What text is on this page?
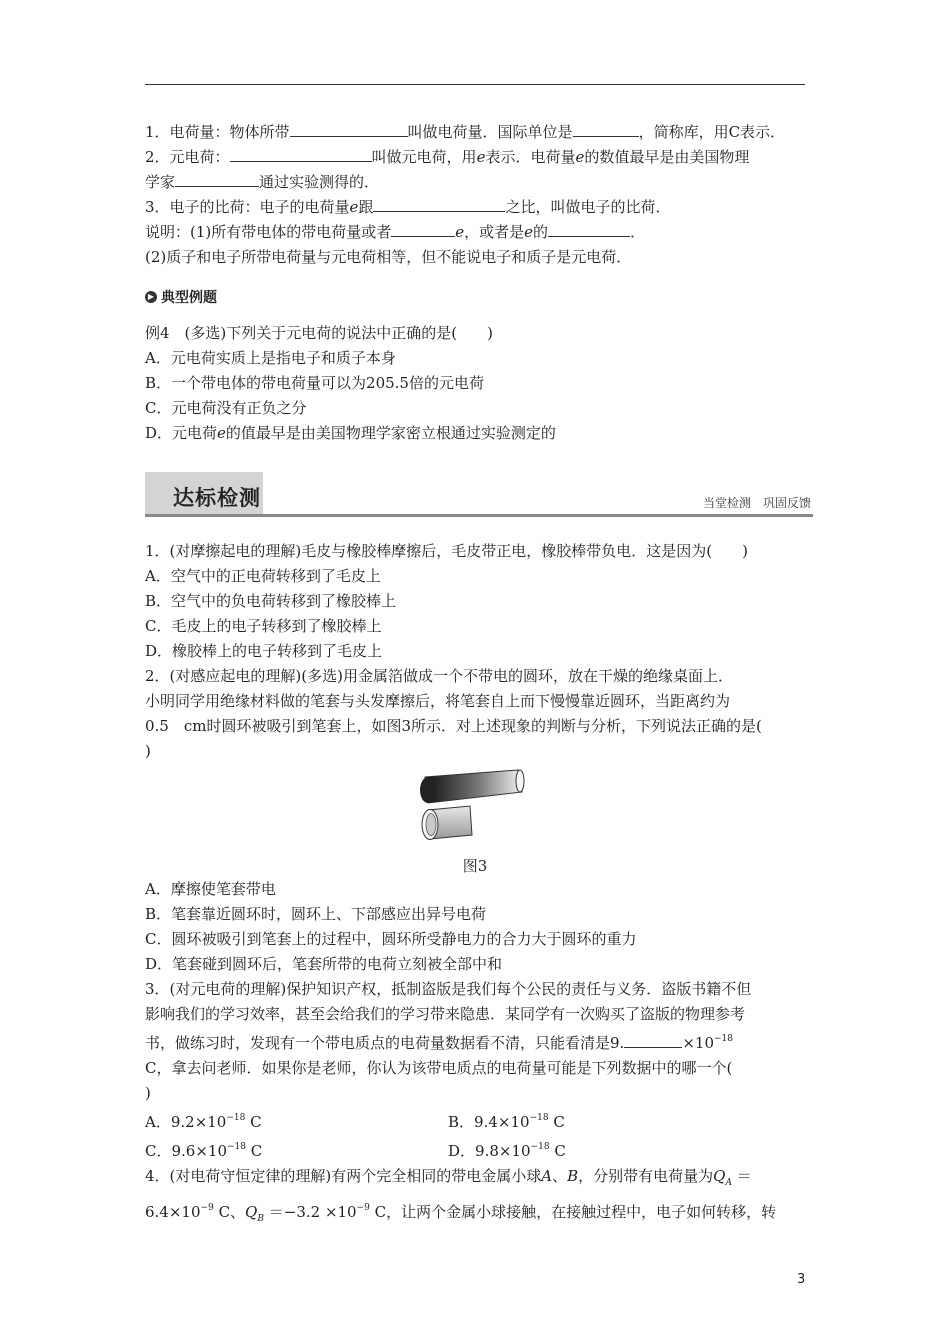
1．电荷量：物体所带	叫做电荷量．国际单位是	，简称库，用C表示．

2．元电荷：	叫做元电荷，用e表示．电荷量e的数值最早是由美国物理

学家	通过实验测得的．

3．电子的比荷：电子的电荷量e跟	之比，叫做电子的比荷．

说明：(1)所有带电体的带电荷量或者	e，或者是e的	．

(2)质子和电子所带电荷量与元电荷相等，但不能说电子和质子是元电荷．

▶ 典型例题

例4　(多选)下列关于元电荷的说法中正确的是(　　)

A．元电荷实质上是指电子和质子本身

B．一个带电体的带电荷量可以为205.5倍的元电荷

C．元电荷没有正负之分

D．元电荷e的值最早是由美国物理学家密立根通过实验测定的

达标检测	当堂检测　巩固反馈

1．(对摩擦起电的理解)毛皮与橡胶棒摩擦后，毛皮带正电，橡胶棒带负电．这是因为(　　)

A．空气中的正电荷转移到了毛皮上

B．空气中的负电荷转移到了橡胶棒上

C．毛皮上的电子转移到了橡胶棒上

D．橡胶棒上的电子转移到了毛皮上

2．(对感应起电的理解)(多选)用金属箔做成一个不带电的圆环，放在干燥的绝缘桌面上．

小明同学用绝缘材料做的笔套与头发摩擦后，将笔套自上而下慢慢靠近圆环，当距离约为

0.5　cm时圆环被吸引到笔套上，如图3所示．对上述现象的判断与分析，下列说法正确的是(

)

图3

A．摩擦使笔套带电

B．笔套靠近圆环时，圆环上、下部感应出异号电荷

C．圆环被吸引到笔套上的过程中，圆环所受静电力的合力大于圆环的重力

D．笔套碰到圆环后，笔套所带的电荷立刻被全部中和

3．(对元电荷的理解)保护知识产权，抵制盗版是我们每个公民的责任与义务．盗版书籍不但

影响我们的学习效率，甚至会给我们的学习带来隐患．某同学有一次购买了盗版的物理参考

书，做练习时，发现有一个带电质点的电荷量数据看不清，只能看清是9.	$\times 10^{-18}$

C，拿去问老师．如果你是老师，你认为该带电质点的电荷量可能是下列数据中的哪一个(

)

A．$9.2\times 10^{-18}$ C	B．$9.4\times 10^{-18}$ C

C．$9.6\times 10^{-18}$ C	D．$9.8\times 10^{-18}$ C

4．(对电荷守恒定律的理解)有两个完全相同的带电金属小球A、B，分别带有电荷量为$Q_A$ ＝

$6.4\times 10^{-9}$ C、$Q_B =-3.2 \times 10^{-9}$ C，让两个金属小球接触，在接触过程中，电子如何转移，转

3
